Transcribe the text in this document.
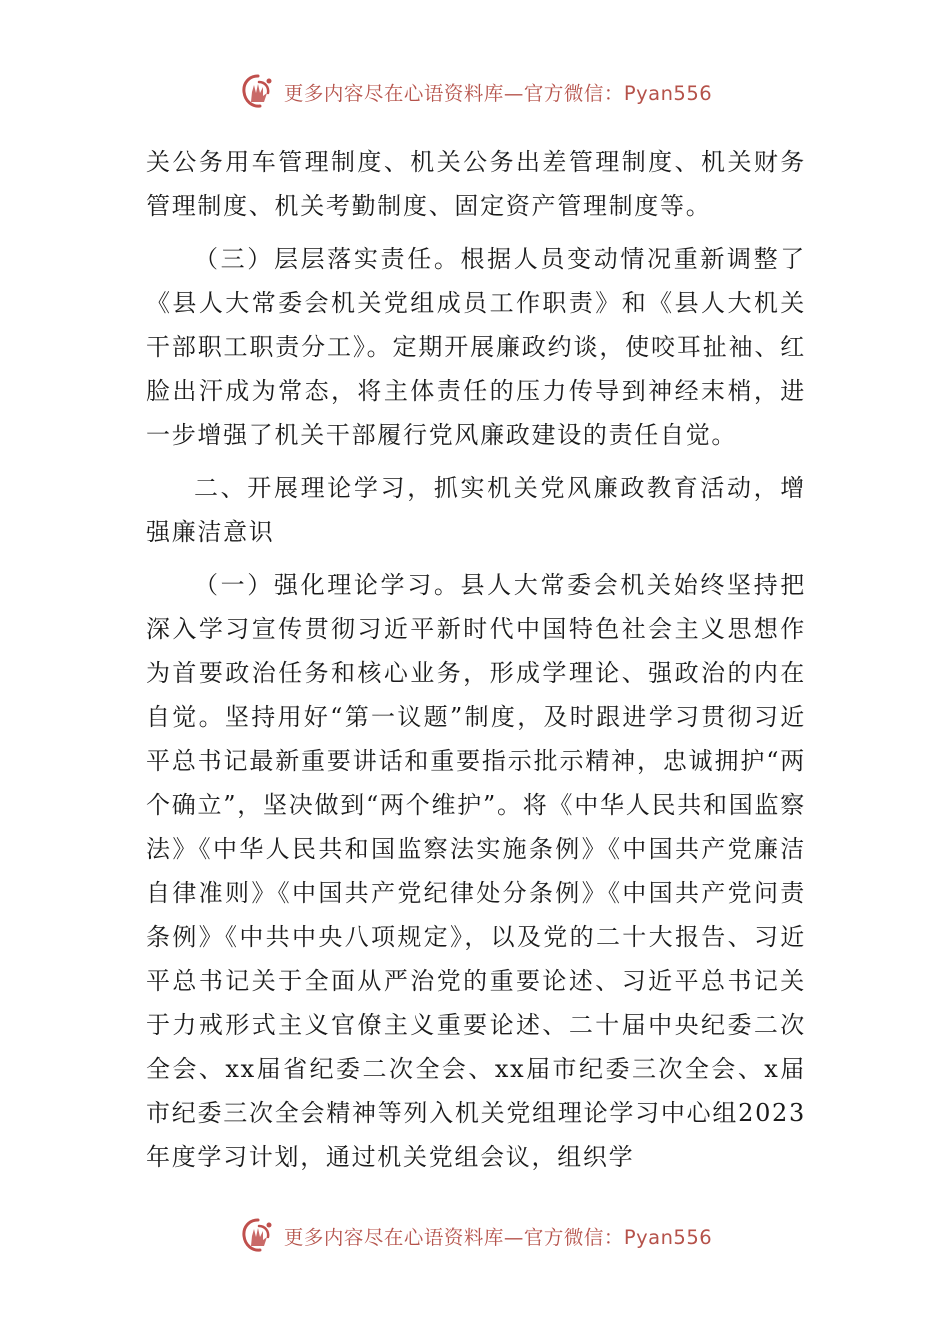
更多内容尽在心语资料库—官方微信：Pyan556

关公务用车管理制度、机关公务出差管理制度、机关财务管理制度、机关考勤制度、固定资产管理制度等。

（三）层层落实责任。根据人员变动情况重新调整了《县人大常委会机关党组成员工作职责》和《县人大机关干部职工职责分工》。定期开展廉政约谈，使咬耳扯袖、红脸出汗成为常态，将主体责任的压力传导到神经末梢，进一步增强了机关干部履行党风廉政建设的责任自觉。

二、开展理论学习，抓实机关党风廉政教育活动，增强廉洁意识

（一）强化理论学习。县人大常委会机关始终坚持把深入学习宣传贯彻习近平新时代中国特色社会主义思想作为首要政治任务和核心业务，形成学理论、强政治的内在自觉。坚持用好“第一议题”制度，及时跟进学习贯彻习近平总书记最新重要讲话和重要指示批示精神，忠诚拥护“两个确立”，坚决做到“两个维护”。将《中华人民共和国监察法》《中华人民共和国监察法实施条例》《中国共产党廉洁自律准则》《中国共产党纪律处分条例》《中国共产党问责条例》《中共中央八项规定》，以及党的二十大报告、习近平总书记关于全面从严治党的重要论述、习近平总书记关于力戒形式主义官僚主义重要论述、二十届中央纪委二次全会、xx届省纪委二次全会、xx届市纪委三次全会、x届市纪委三次全会精神等列入机关党组理论学习中心组2023年度学习计划，通过机关党组会议，组织学

更多内容尽在心语资料库—官方微信：Pyan556
